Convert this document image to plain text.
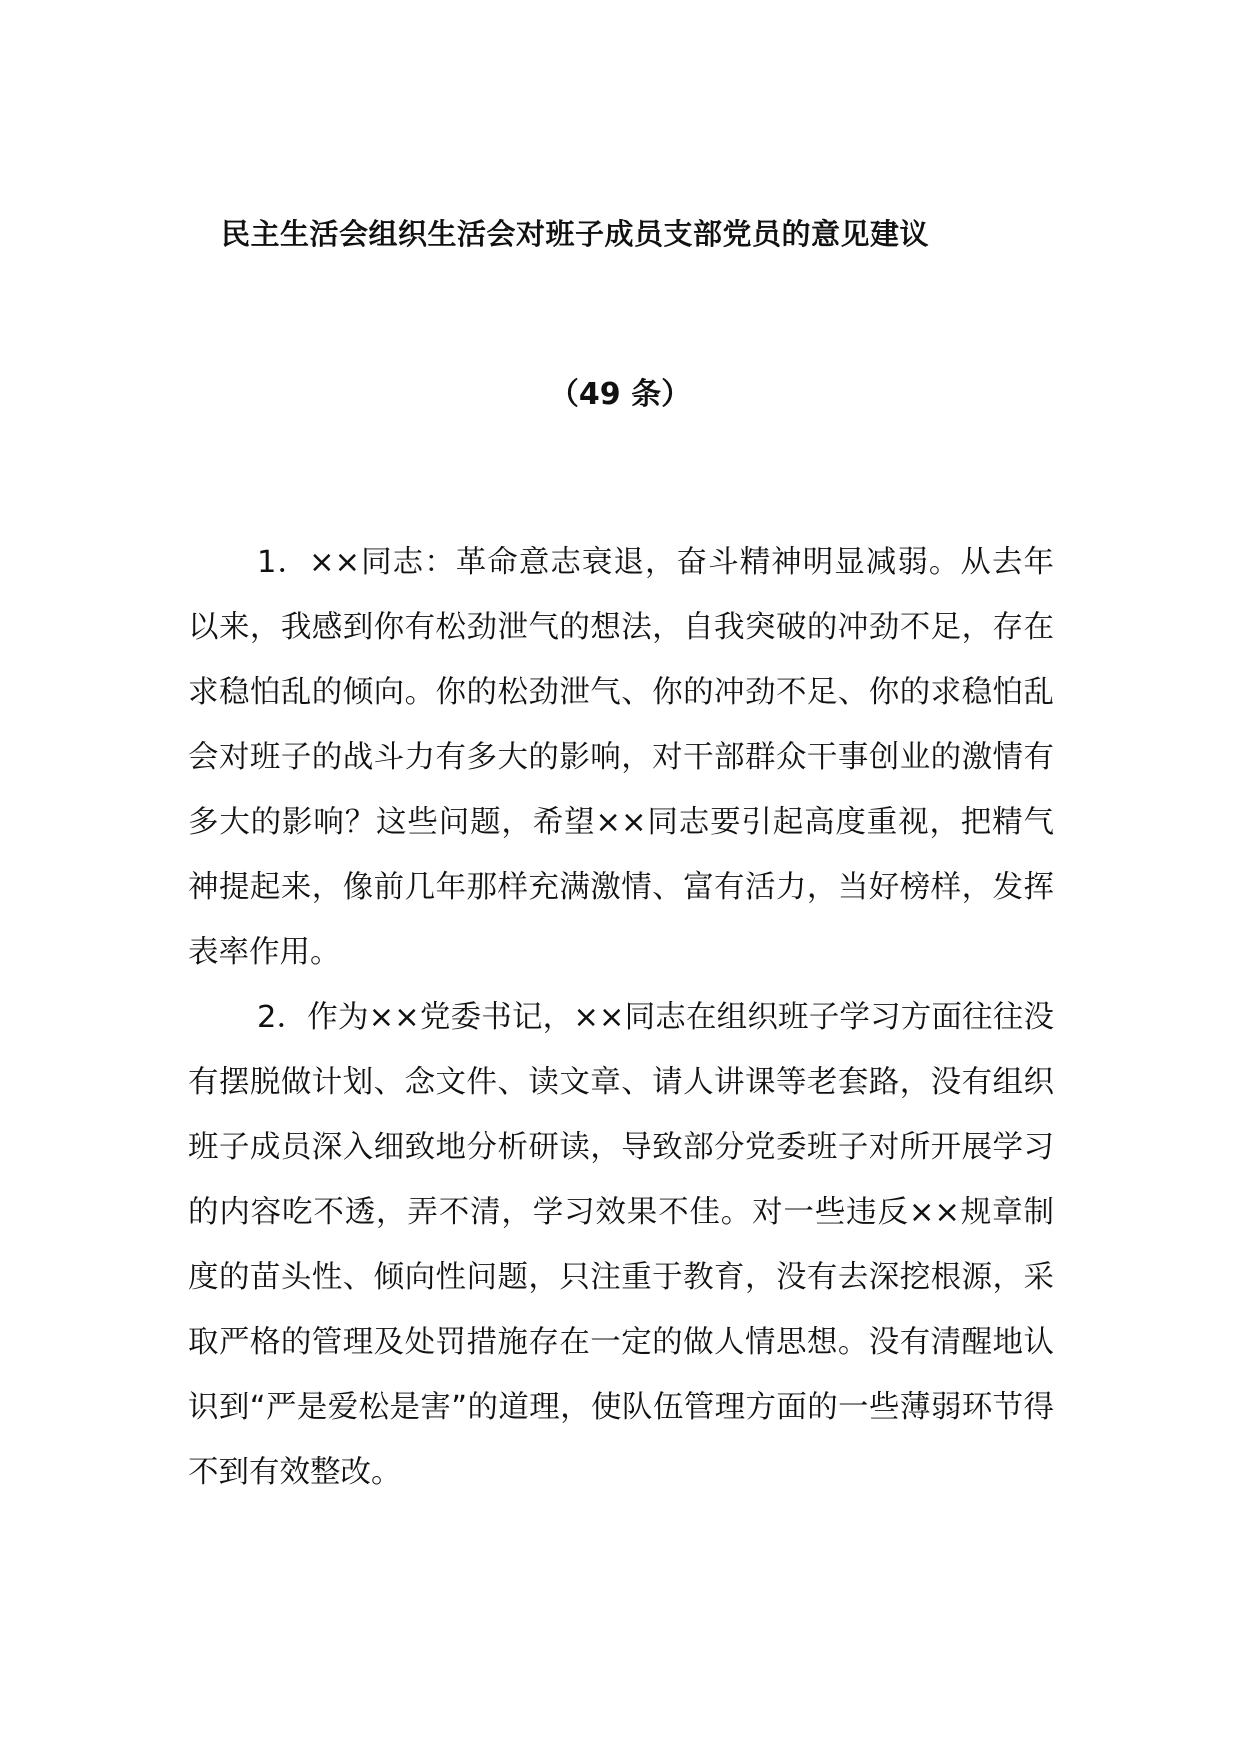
民主生活会组织生活会对班子成员支部党员的意见建议
（49 条）

1．××同志：革命意志衰退，奋斗精神明显减弱。从去年以来，我感到你有松劲泄气的想法，自我突破的冲劲不足，存在求稳怕乱的倾向。你的松劲泄气、你的冲劲不足、你的求稳怕乱会对班子的战斗力有多大的影响，对干部群众干事创业的激情有多大的影响？这些问题，希望××同志要引起高度重视，把精气神提起来，像前几年那样充满激情、富有活力，当好榜样，发挥表率作用。

2．作为××党委书记，××同志在组织班子学习方面往往没有摆脱做计划、念文件、读文章、请人讲课等老套路，没有组织班子成员深入细致地分析研读，导致部分党委班子对所开展学习的内容吃不透，弄不清，学习效果不佳。对一些违反××规章制度的苗头性、倾向性问题，只注重于教育，没有去深挖根源，采取严格的管理及处罚措施存在一定的做人情思想。没有清醒地认识到“严是爱松是害”的道理，使队伍管理方面的一些薄弱环节得不到有效整改。
